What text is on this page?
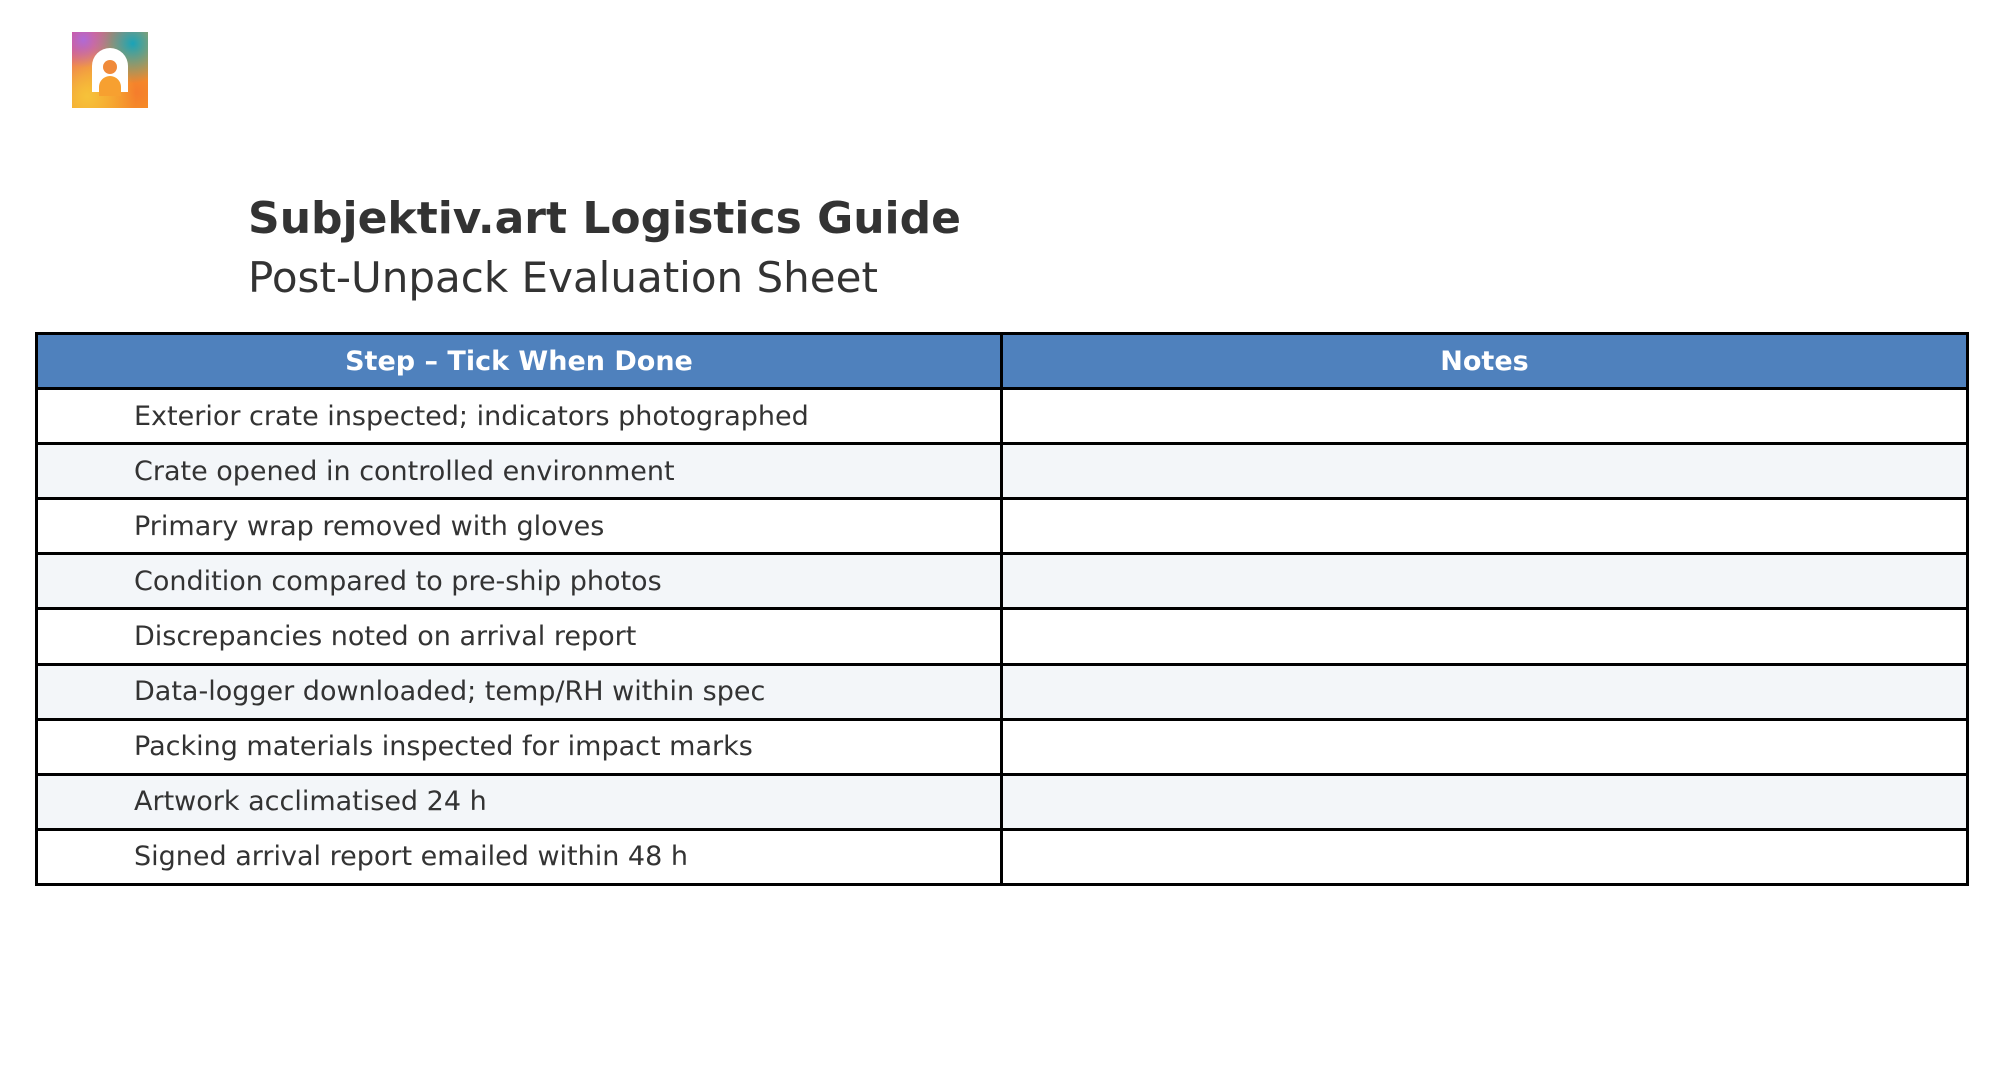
Subjektiv.art Logistics Guide
Post-Unpack Evaluation Sheet
Step – Tick When Done	Notes
Exterior crate inspected; indicators photographed	
Crate opened in controlled environment	
Primary wrap removed with gloves	
Condition compared to pre-ship photos	
Discrepancies noted on arrival report	
Data-logger downloaded; temp/RH within spec	
Packing materials inspected for impact marks	
Artwork acclimatised 24 h	
Signed arrival report emailed within 48 h	
